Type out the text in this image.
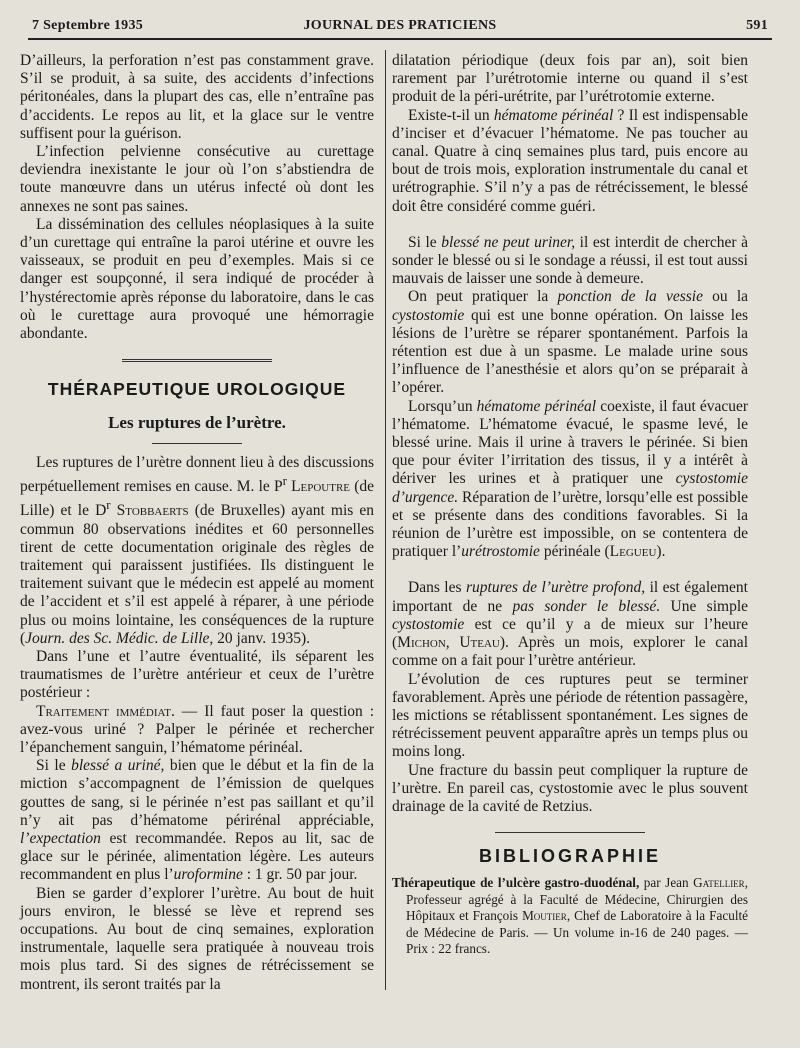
7 Septembre 1935	JOURNAL DES PRATICIENS	591

D’ailleurs, la perforation n’est pas constamment grave. S’il se produit, à sa suite, des accidents d’infections péritonéales, dans la plupart des cas, elle n’entraîne pas d’accidents. Le repos au lit, et la glace sur le ventre suffisent pour la guérison.

L’infection pelvienne consécutive au curettage deviendra inexistante le jour où l’on s’abstiendra de toute manœuvre dans un utérus infecté où dont les annexes ne sont pas saines.

La dissémination des cellules néoplasiques à la suite d’un curettage qui entraîne la paroi utérine et ouvre les vaisseaux, se produit en peu d’exemples. Mais si ce danger est soupçonné, il sera indiqué de procéder à l’hystérectomie après réponse du laboratoire, dans le cas où le curettage aura provoqué une hémorragie abondante.

THÉRAPEUTIQUE UROLOGIQUE
Les ruptures de l’urètre.

Les ruptures de l’urètre donnent lieu à des discussions perpétuellement remises en cause. M. le $P^r$ Lepoutre (de Lille) et le $D^r$ Stobbaerts (de Bruxelles) ayant mis en commun 80 observations inédites et 60 personnelles tirent de cette documentation originale des règles de traitement qui paraissent justifiées. Ils distinguent le traitement suivant que le médecin est appelé au moment de l’accident et s’il est appelé à réparer, à une période plus ou moins lointaine, les conséquences de la rupture (Journ. des Sc. Médic. de Lille, 20 janv. 1935).

Dans l’une et l’autre éventualité, ils séparent les traumatismes de l’urètre antérieur et ceux de l’urètre postérieur :

Traitement immédiat. — Il faut poser la question : avez-vous uriné ? Palper le périnée et rechercher l’épanchement sanguin, l’hématome périnéal.

Si le blessé a uriné, bien que le début et la fin de la miction s’accompagnent de l’émission de quelques gouttes de sang, si le périnée n’est pas saillant et qu’il n’y ait pas d’hématome périrénal appréciable, l’expectation est recommandée. Repos au lit, sac de glace sur le périnée, alimentation légère. Les auteurs recommandent en plus l’uroformine : 1 gr. 50 par jour.

Bien se garder d’explorer l’urètre. Au bout de huit jours environ, le blessé se lève et reprend ses occupations. Au bout de cinq semaines, exploration instrumentale, laquelle sera pratiquée à nouveau trois mois plus tard. Si des signes de rétrécissement se montrent, ils seront traités par la

dilatation périodique (deux fois par an), soit bien rarement par l’urétrotomie interne ou quand il s’est produit de la péri-urétrite, par l’urétrotomie externe.

Existe-t-il un hématome périnéal ? Il est indispensable d’inciser et d’évacuer l’hématome. Ne pas toucher au canal. Quatre à cinq semaines plus tard, puis encore au bout de trois mois, exploration instrumentale du canal et urétrographie. S’il n’y a pas de rétrécissement, le blessé doit être considéré comme guéri.

Si le blessé ne peut uriner, il est interdit de chercher à sonder le blessé ou si le sondage a réussi, il est tout aussi mauvais de laisser une sonde à demeure.

On peut pratiquer la ponction de la vessie ou la cystostomie qui est une bonne opération. On laisse les lésions de l’urètre se réparer spontanément. Parfois la rétention est due à un spasme. Le malade urine sous l’influence de l’anesthésie et alors qu’on se préparait à l’opérer.

Lorsqu’un hématome périnéal coexiste, il faut évacuer l’hématome. L’hématome évacué, le spasme levé, le blessé urine. Mais il urine à travers le périnée. Si bien que pour éviter l’irritation des tissus, il y a intérêt à dériver les urines et à pratiquer une cystostomie d’urgence. Réparation de l’urètre, lorsqu’elle est possible et se présente dans des conditions favorables. Si la réunion de l’urètre est impossible, on se contentera de pratiquer l’urétrostomie périnéale (Legueu).

Dans les ruptures de l’urètre profond, il est également important de ne pas sonder le blessé. Une simple cystostomie est ce qu’il y a de mieux sur l’heure (Michon, Uteau). Après un mois, explorer le canal comme on a fait pour l’urètre antérieur.

L’évolution de ces ruptures peut se terminer favorablement. Après une période de rétention passagère, les mictions se rétablissent spontanément. Les signes de rétrécissement peuvent apparaître après un temps plus ou moins long.

Une fracture du bassin peut compliquer la rupture de l’urètre. En pareil cas, cystostomie avec le plus souvent drainage de la cavité de Retzius.

BIBLIOGRAPHIE

Thérapeutique de l’ulcère gastro-duodénal, par Jean Gatellier, Professeur agrégé à la Faculté de Médecine, Chirurgien des Hôpitaux et François Moutier, Chef de Laboratoire à la Faculté de Médecine de Paris. — Un volume in-16 de 240 pages. — Prix : 22 francs.
